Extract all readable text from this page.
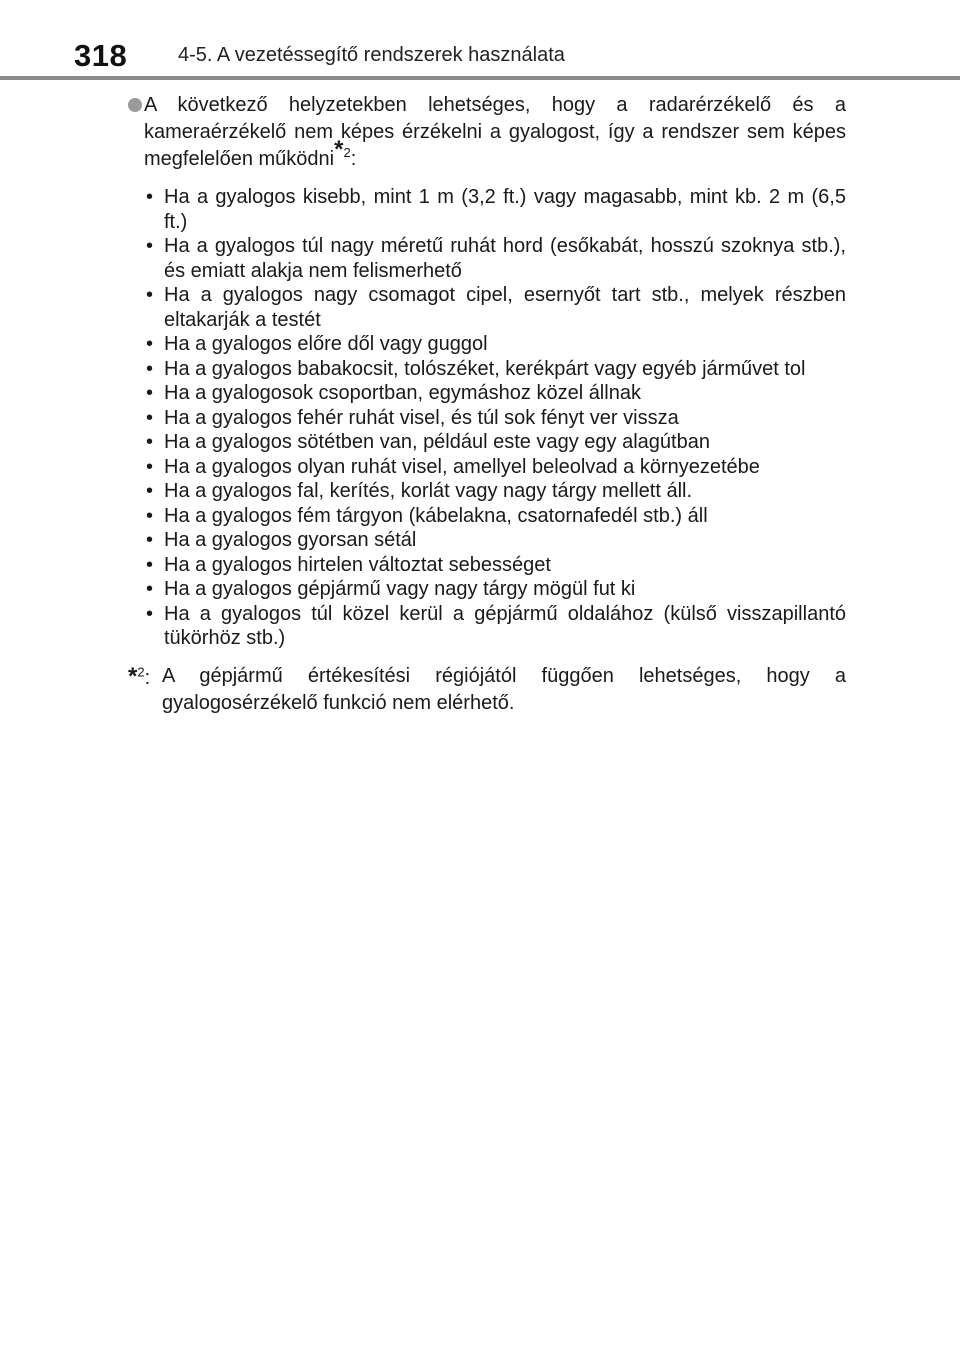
318	4-5. A vezetéssegítő rendszerek használata
A következő helyzetekben lehetséges, hogy a radarérzékelő és a kameraérzékelő nem képes érzékelni a gyalogost, így a rendszer sem képes megfelelően működni$^{*2}$:
• Ha a gyalogos kisebb, mint 1 m (3,2 ft.) vagy magasabb, mint kb. 2 m (6,5 ft.)
• Ha a gyalogos túl nagy méretű ruhát hord (esőkabát, hosszú szoknya stb.), és emiatt alakja nem felismerhető
• Ha a gyalogos nagy csomagot cipel, esernyőt tart stb., melyek részben eltakarják a testét
• Ha a gyalogos előre dől vagy guggol
• Ha a gyalogos babakocsit, tolószéket, kerékpárt vagy egyéb járművet tol
• Ha a gyalogosok csoportban, egymáshoz közel állnak
• Ha a gyalogos fehér ruhát visel, és túl sok fényt ver vissza
• Ha a gyalogos sötétben van, például este vagy egy alagútban
• Ha a gyalogos olyan ruhát visel, amellyel beleolvad a környezetébe
• Ha a gyalogos fal, kerítés, korlát vagy nagy tárgy mellett áll.
• Ha a gyalogos fém tárgyon (kábelakna, csatornafedél stb.) áll
• Ha a gyalogos gyorsan sétál
• Ha a gyalogos hirtelen változtat sebességet
• Ha a gyalogos gépjármű vagy nagy tárgy mögül fut ki
• Ha a gyalogos túl közel kerül a gépjármű oldalához (külső visszapillantó tükörhöz stb.)
*$^2$: A gépjármű értékesítési régiójától függően lehetséges, hogy a gyalogosérzékelő funkció nem elérhető.
